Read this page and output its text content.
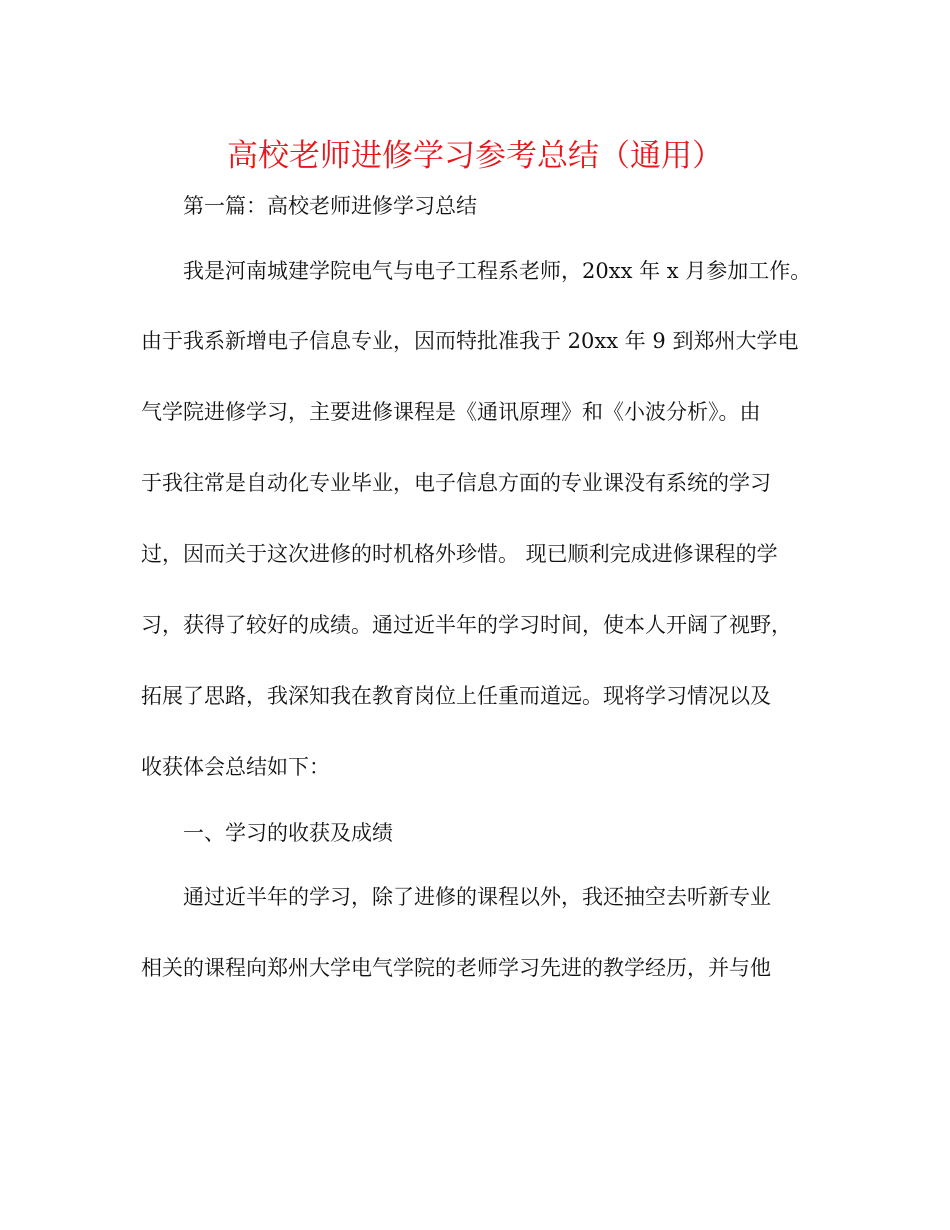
高校老师进修学习参考总结（通用）
第一篇：高校老师进修学习总结
我是河南城建学院电气与电子工程系老师，20xx 年 x 月参加工作。
由于我系新增电子信息专业，因而特批准我于 20xx 年 9 到郑州大学电
气学院进修学习，主要进修课程是《通讯原理》和《小波分析》。由
于我往常是自动化专业毕业，电子信息方面的专业课没有系统的学习
过，因而关于这次进修的时机格外珍惜。 现已顺利完成进修课程的学
习，获得了较好的成绩。通过近半年的学习时间，使本人开阔了视野，
拓展了思路，我深知我在教育岗位上任重而道远。现将学习情况以及
收获体会总结如下：
一、学习的收获及成绩
通过近半年的学习，除了进修的课程以外，我还抽空去听新专业
相关的课程向郑州大学电气学院的老师学习先进的教学经历，并与他
